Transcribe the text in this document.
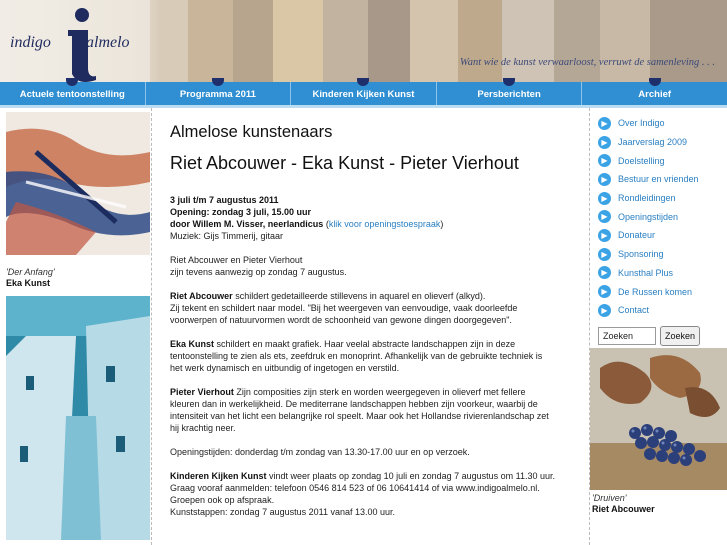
indigo almelo
Want wie de kunst verwaarloost, verruwt de samenleving . . .
Actuele tentoonstelling	Programma 2011	Kinderen Kijken Kunst	Persberichten	Archief
'Der Anfang'
Eka Kunst
Almelose kunstenaars
Riet Abcouwer - Eka Kunst - Pieter Vierhout

3 juli t/m 7 augustus 2011

Opening: zondag 3 juli, 15.00 uur

door Willem M. Visser, neerlandicus (klik voor openingstoespraak)

Muziek: Gijs Timmerij, gitaar

Riet Abcouwer en Pieter Vierhout

zijn tevens aanwezig op zondag 7 augustus.

Riet Abcouwer schildert gedetailleerde stillevens in aquarel en olieverf (alkyd).

Zij tekent en schildert naar model. "Bij het weergeven van eenvoudige, vaak doorleefde

voorwerpen of natuurvormen wordt de schoonheid van gewone dingen doorgegeven".

Eka Kunst schildert en maakt grafiek. Haar veelal abstracte landschappen zijn in deze

tentoonstelling te zien als ets, zeefdruk en monoprint. Afhankelijk van de gebruikte techniek is

het werk dynamisch en uitbundig of ingetogen en verstild.

Pieter Vierhout Zijn composities zijn sterk en worden weergegeven in olieverf met fellere

kleuren dan in werkelijkheid. De mediterrane landschappen hebben zijn voorkeur, waarbij de

intensiteit van het licht een belangrijke rol speelt. Maar ook het Hollandse rivierenlandschap zet

hij krachtig neer.

Openingstijden: donderdag t/m zondag van 13.30-17.00 uur en op verzoek.

Kinderen Kijken Kunst vindt weer plaats op zondag 10 juli en zondag 7 augustus om 11.30 uur.

Graag vooraf aanmelden: telefoon 0546 814 523 of 06 10641414 of via www.indigoalmelo.nl.

Groepen ook op afspraak.

Kunststappen: zondag 7 augustus 2011 vanaf 13.00 uur.

▶	Over Indigo
▶	Jaarverslag 2009
▶	Doelstelling
▶	Bestuur en vrienden
▶	Rondleidingen
▶	Openingstijden
▶	Donateur
▶	Sponsoring
▶	Kunsthal Plus
▶	De Russen komen
▶	Contact
Zoeken
Zoeken
'Druiven'
Riet Abcouwer
